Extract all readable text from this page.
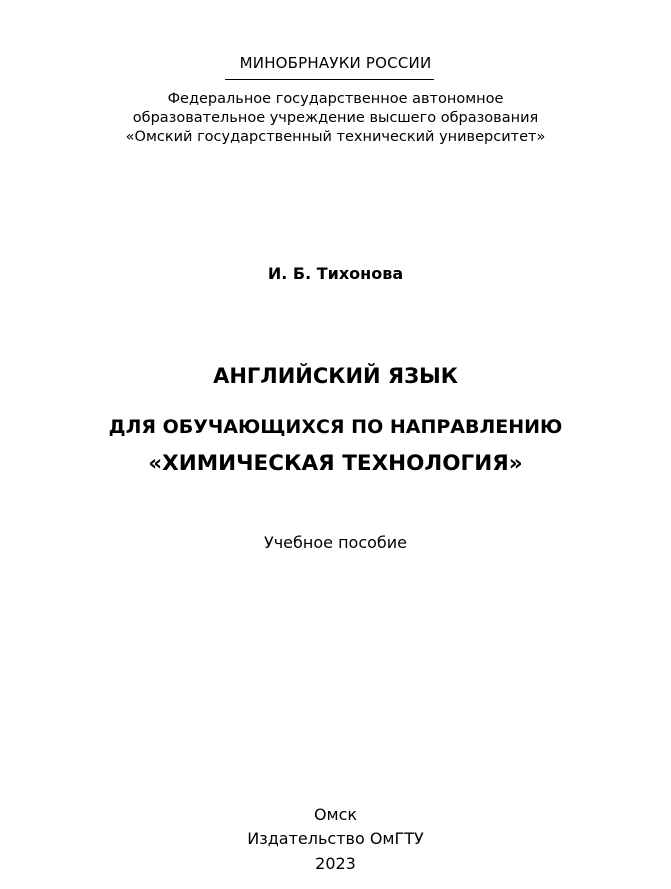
МИНОБРНАУКИ РОССИИ
Федеральное государственное автономное
образовательное учреждение высшего образования
«Омский государственный технический университет»
И. Б. Тихонова
АНГЛИЙСКИЙ ЯЗЫК
ДЛЯ ОБУЧАЮЩИХСЯ ПО НАПРАВЛЕНИЮ
«ХИМИЧЕСКАЯ ТЕХНОЛОГИЯ»
Учебное пособие
Омск
Издательство ОмГТУ
2023
